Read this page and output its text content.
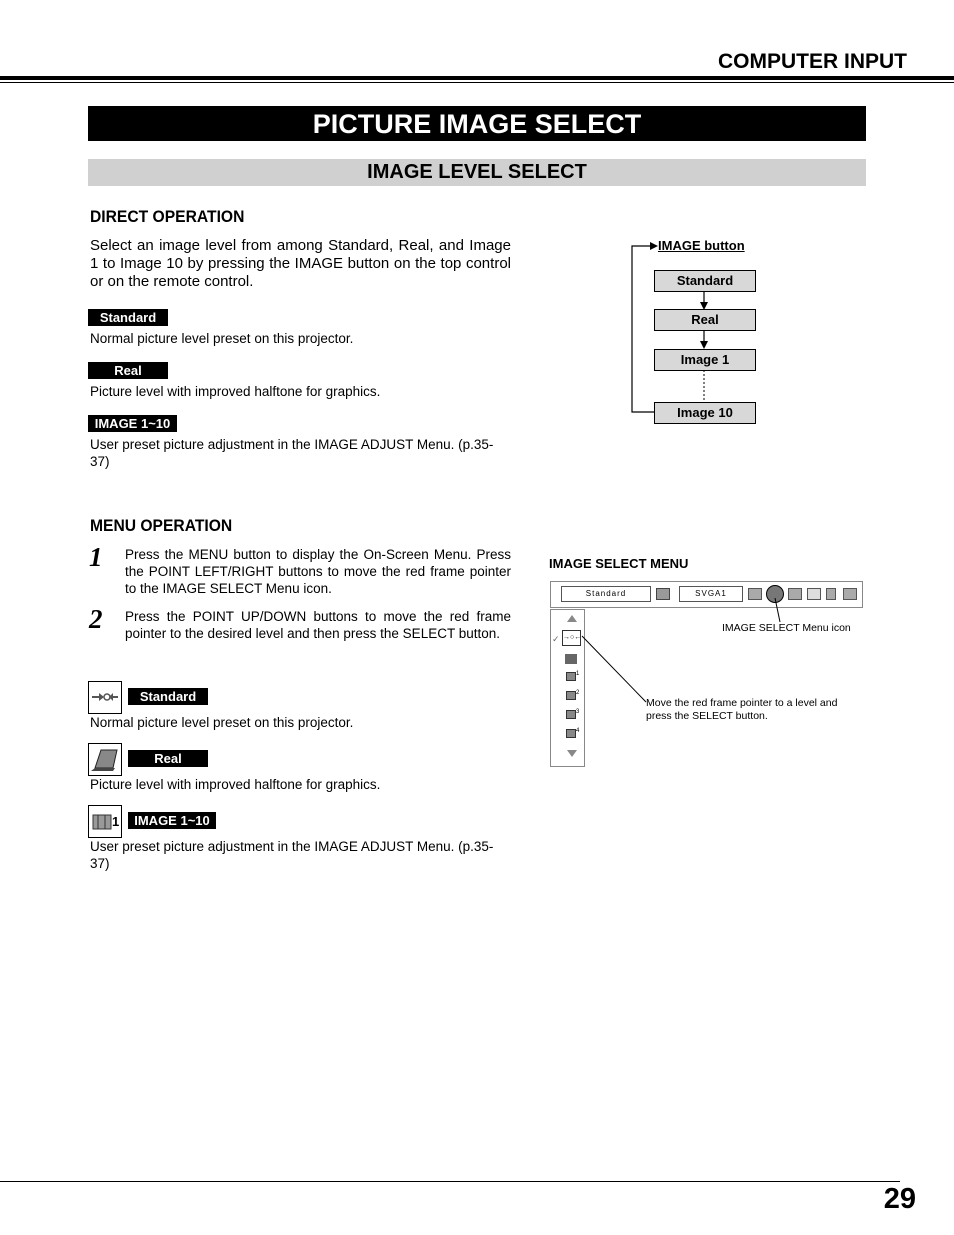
COMPUTER INPUT
PICTURE IMAGE SELECT
IMAGE LEVEL SELECT
DIRECT OPERATION
Select an image level from among Standard, Real, and Image 1 to Image 10 by pressing the IMAGE button on the top control or on the remote control.
Standard
Normal picture level preset on this projector.
Real
Picture level with improved halftone for graphics.
IMAGE 1~10
User preset picture adjustment in the IMAGE ADJUST Menu. (p.35-37)
IMAGE button
Standard
Real
Image 1
Image 10
MENU OPERATION
1 Press the MENU button to display the On-Screen Menu. Press the POINT LEFT/RIGHT buttons to move the red frame pointer to the IMAGE SELECT Menu icon.
2 Press the POINT UP/DOWN buttons to move the red frame pointer to the desired level and then press the SELECT button.
Standard
Normal picture level preset on this projector.
Real
Picture level with improved halftone for graphics.
1	IMAGE 1~10
User preset picture adjustment in the IMAGE ADJUST Menu. (p.35-37)
IMAGE SELECT MENU
Standard	SVGA1
✓ →○←
1
2
3
4
IMAGE SELECT Menu icon
Move the red frame pointer to a level and press the SELECT button.
29
